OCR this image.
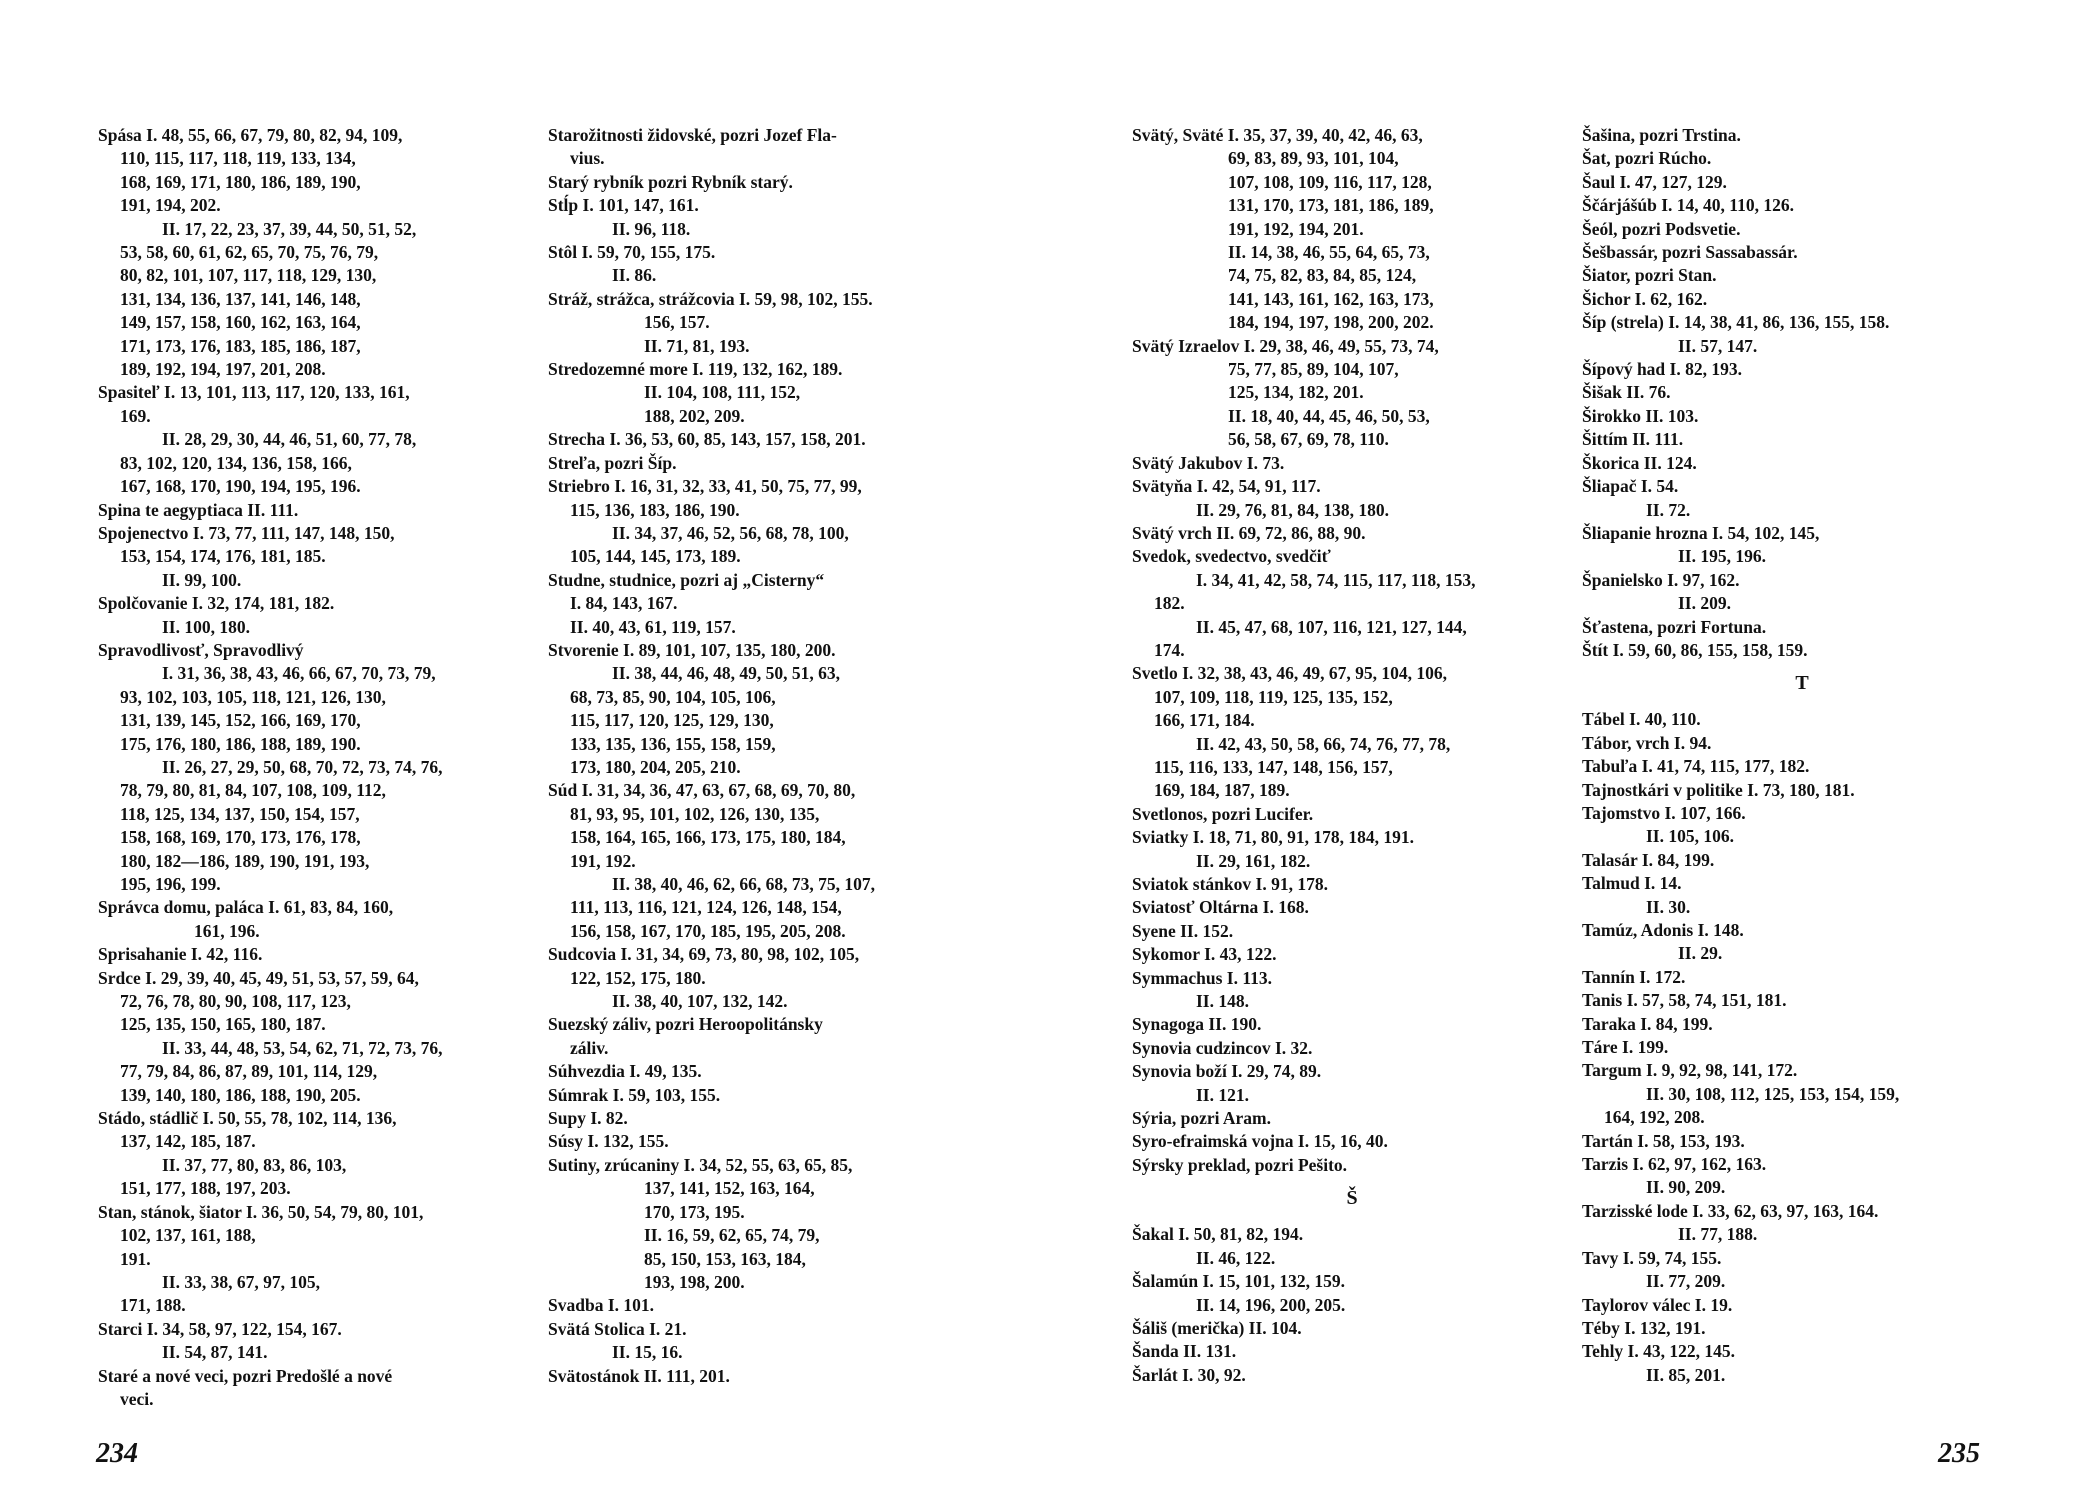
Spása I. 48, 55, 66, 67, 79, 80, 82, 94, 109,
110, 115, 117, 118, 119, 133, 134,
168, 169, 171, 180, 186, 189, 190,
191, 194, 202.
II. 17, 22, 23, 37, 39, 44, 50, 51, 52,
53, 58, 60, 61, 62, 65, 70, 75, 76, 79,
80, 82, 101, 107, 117, 118, 129, 130,
131, 134, 136, 137, 141, 146, 148,
149, 157, 158, 160, 162, 163, 164,
171, 173, 176, 183, 185, 186, 187,
189, 192, 194, 197, 201, 208.
Spasiteľ I. 13, 101, 113, 117, 120, 133, 161,
169.
II. 28, 29, 30, 44, 46, 51, 60, 77, 78,
83, 102, 120, 134, 136, 158, 166,
167, 168, 170, 190, 194, 195, 196.
Spina te aegyptiaca II. 111.
Spojenectvo I. 73, 77, 111, 147, 148, 150,
153, 154, 174, 176, 181, 185.
II. 99, 100.
Spolčovanie I. 32, 174, 181, 182.
II. 100, 180.
Spravodlivosť, Spravodlivý
I. 31, 36, 38, 43, 46, 66, 67, 70, 73, 79,
93, 102, 103, 105, 118, 121, 126, 130,
131, 139, 145, 152, 166, 169, 170,
175, 176, 180, 186, 188, 189, 190.
II. 26, 27, 29, 50, 68, 70, 72, 73, 74, 76,
78, 79, 80, 81, 84, 107, 108, 109, 112,
118, 125, 134, 137, 150, 154, 157,
158, 168, 169, 170, 173, 176, 178,
180, 182—186, 189, 190, 191, 193,
195, 196, 199.
Správca domu, paláca I. 61, 83, 84, 160,
161, 196.
Sprisahanie I. 42, 116.
Srdce I. 29, 39, 40, 45, 49, 51, 53, 57, 59, 64,
72, 76, 78, 80, 90, 108, 117, 123,
125, 135, 150, 165, 180, 187.
II. 33, 44, 48, 53, 54, 62, 71, 72, 73, 76,
77, 79, 84, 86, 87, 89, 101, 114, 129,
139, 140, 180, 186, 188, 190, 205.
Stádo, stádlič I. 50, 55, 78, 102, 114, 136,
137, 142, 185, 187.
II. 37, 77, 80, 83, 86, 103,
151, 177, 188, 197, 203.
Stan, stánok, šiator I. 36, 50, 54, 79, 80, 101,
102, 137, 161, 188,
191.
II. 33, 38, 67, 97, 105,
171, 188.
Starci I. 34, 58, 97, 122, 154, 167.
II. 54, 87, 141.
Staré a nové veci, pozri Predošlé a nové
veci.
Starožitnosti židovské, pozri Jozef Fla-
vius.
Starý rybník pozri Rybník starý.
Stĺp I. 101, 147, 161.
II. 96, 118.
Stôl I. 59, 70, 155, 175.
II. 86.
Stráž, strážca, strážcovia I. 59, 98, 102, 155.
156, 157.
II. 71, 81, 193.
Stredozemné more I. 119, 132, 162, 189.
II. 104, 108, 111, 152,
188, 202, 209.
Strecha I. 36, 53, 60, 85, 143, 157, 158, 201.
Streľa, pozri Šíp.
Striebro I. 16, 31, 32, 33, 41, 50, 75, 77, 99,
115, 136, 183, 186, 190.
II. 34, 37, 46, 52, 56, 68, 78, 100,
105, 144, 145, 173, 189.
Studne, studnice, pozri aj „Cisterny“
I. 84, 143, 167.
II. 40, 43, 61, 119, 157.
Stvorenie I. 89, 101, 107, 135, 180, 200.
II. 38, 44, 46, 48, 49, 50, 51, 63,
68, 73, 85, 90, 104, 105, 106,
115, 117, 120, 125, 129, 130,
133, 135, 136, 155, 158, 159,
173, 180, 204, 205, 210.
Súd I. 31, 34, 36, 47, 63, 67, 68, 69, 70, 80,
81, 93, 95, 101, 102, 126, 130, 135,
158, 164, 165, 166, 173, 175, 180, 184,
191, 192.
II. 38, 40, 46, 62, 66, 68, 73, 75, 107,
111, 113, 116, 121, 124, 126, 148, 154,
156, 158, 167, 170, 185, 195, 205, 208.
Sudcovia I. 31, 34, 69, 73, 80, 98, 102, 105,
122, 152, 175, 180.
II. 38, 40, 107, 132, 142.
Suezský záliv, pozri Heroopolitánsky
záliv.
Súhvezdia I. 49, 135.
Súmrak I. 59, 103, 155.
Supy I. 82.
Súsy I. 132, 155.
Sutiny, zrúcaniny I. 34, 52, 55, 63, 65, 85,
137, 141, 152, 163, 164,
170, 173, 195.
II. 16, 59, 62, 65, 74, 79,
85, 150, 153, 163, 184,
193, 198, 200.
Svadba I. 101.
Svätá Stolica I. 21.
II. 15, 16.
Svätostánok II. 111, 201.
234
Svätý, Sväté I. 35, 37, 39, 40, 42, 46, 63,
69, 83, 89, 93, 101, 104,
107, 108, 109, 116, 117, 128,
131, 170, 173, 181, 186, 189,
191, 192, 194, 201.
II. 14, 38, 46, 55, 64, 65, 73,
74, 75, 82, 83, 84, 85, 124,
141, 143, 161, 162, 163, 173,
184, 194, 197, 198, 200, 202.
Svätý Izraelov I. 29, 38, 46, 49, 55, 73, 74,
75, 77, 85, 89, 104, 107,
125, 134, 182, 201.
II. 18, 40, 44, 45, 46, 50, 53,
56, 58, 67, 69, 78, 110.
Svätý Jakubov I. 73.
Svätyňa I. 42, 54, 91, 117.
II. 29, 76, 81, 84, 138, 180.
Svätý vrch II. 69, 72, 86, 88, 90.
Svedok, svedectvo, svedčiť
I. 34, 41, 42, 58, 74, 115, 117, 118, 153,
182.
II. 45, 47, 68, 107, 116, 121, 127, 144,
174.
Svetlo I. 32, 38, 43, 46, 49, 67, 95, 104, 106,
107, 109, 118, 119, 125, 135, 152,
166, 171, 184.
II. 42, 43, 50, 58, 66, 74, 76, 77, 78,
115, 116, 133, 147, 148, 156, 157,
169, 184, 187, 189.
Svetlonos, pozri Lucifer.
Sviatky I. 18, 71, 80, 91, 178, 184, 191.
II. 29, 161, 182.
Sviatok stánkov I. 91, 178.
Sviatosť Oltárna I. 168.
Syene II. 152.
Sykomor I. 43, 122.
Symmachus I. 113.
II. 148.
Synagoga II. 190.
Synovia cudzincov I. 32.
Synovia boží I. 29, 74, 89.
II. 121.
Sýria, pozri Aram.
Syro-efraimská vojna I. 15, 16, 40.
Sýrsky preklad, pozri Pešito.
Š
Šakal I. 50, 81, 82, 194.
II. 46, 122.
Šalamún I. 15, 101, 132, 159.
II. 14, 196, 200, 205.
Šáliš (merička) II. 104.
Šanda II. 131.
Šarlát I. 30, 92.
Šašina, pozri Trstina.
Šat, pozri Rúcho.
Šaul I. 47, 127, 129.
Ščárjášúb I. 14, 40, 110, 126.
Šeól, pozri Podsvetie.
Šešbassár, pozri Sassabassár.
Šiator, pozri Stan.
Šichor I. 62, 162.
Šíp (strela) I. 14, 38, 41, 86, 136, 155, 158.
II. 57, 147.
Šípový had I. 82, 193.
Šišak II. 76.
Širokko II. 103.
Šittím II. 111.
Škorica II. 124.
Šliapač I. 54.
II. 72.
Šliapanie hrozna I. 54, 102, 145,
II. 195, 196.
Španielsko I. 97, 162.
II. 209.
Šťastena, pozri Fortuna.
Štít I. 59, 60, 86, 155, 158, 159.
T
Tábel I. 40, 110.
Tábor, vrch I. 94.
Tabuľa I. 41, 74, 115, 177, 182.
Tajnostkári v politike I. 73, 180, 181.
Tajomstvo I. 107, 166.
II. 105, 106.
Talasár I. 84, 199.
Talmud I. 14.
II. 30.
Tamúz, Adonis I. 148.
II. 29.
Tannín I. 172.
Tanis I. 57, 58, 74, 151, 181.
Taraka I. 84, 199.
Táre I. 199.
Targum I. 9, 92, 98, 141, 172.
II. 30, 108, 112, 125, 153, 154, 159,
164, 192, 208.
Tartán I. 58, 153, 193.
Tarzis I. 62, 97, 162, 163.
II. 90, 209.
Tarzisské lode I. 33, 62, 63, 97, 163, 164.
II. 77, 188.
Tavy I. 59, 74, 155.
II. 77, 209.
Taylorov válec I. 19.
Téby I. 132, 191.
Tehly I. 43, 122, 145.
II. 85, 201.
235
